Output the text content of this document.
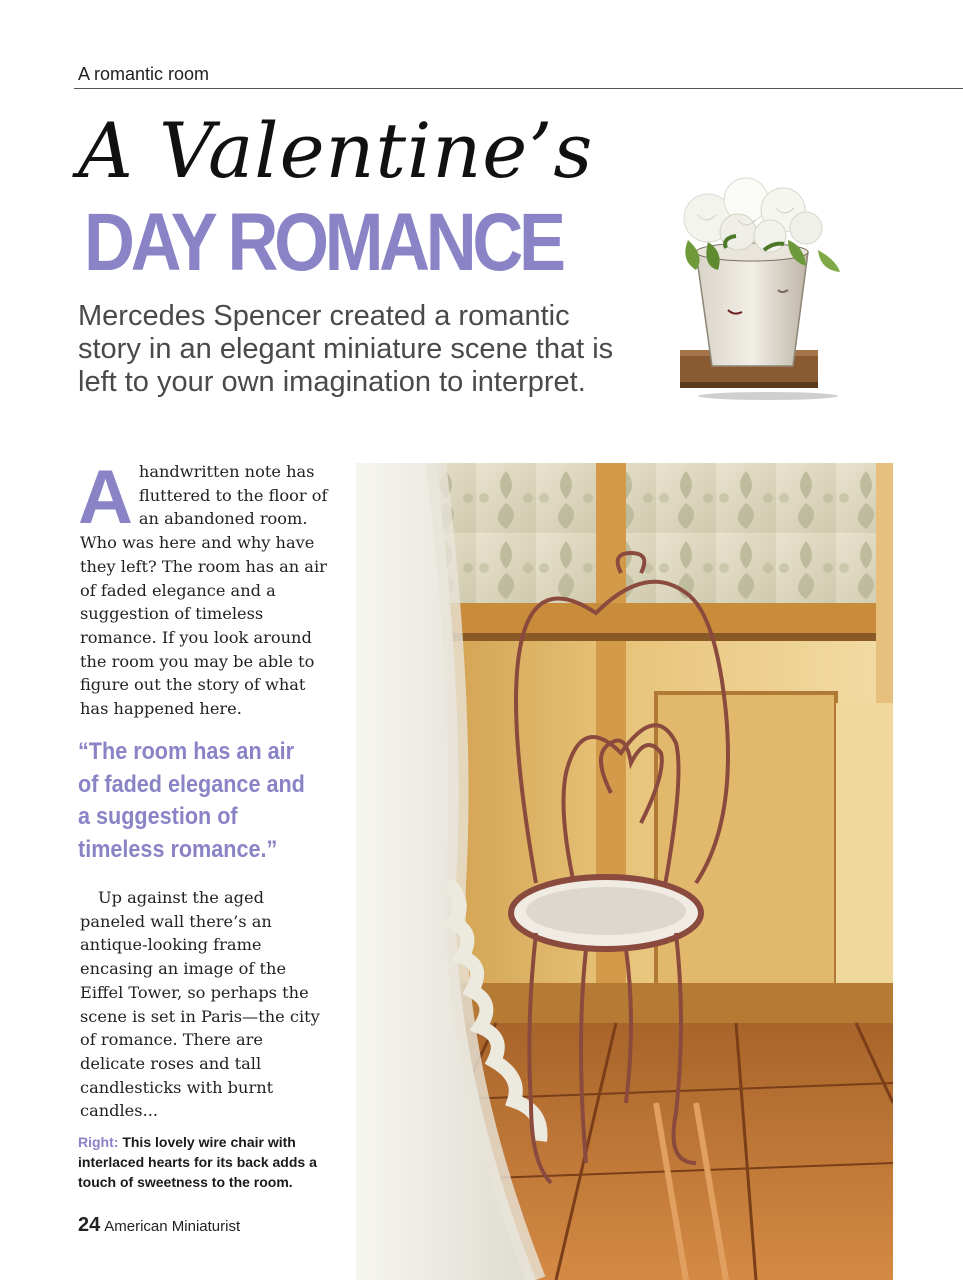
A romantic room
A Valentine’s
DAY ROMANCE
Mercedes Spencer created a romantic story in an elegant miniature scene that is left to your own imagination to interpret.
A handwritten note has fluttered to the floor of an abandoned room. Who was here and why have they left? The room has an air of faded elegance and a suggestion of timeless romance. If you look around the room you may be able to figure out the story of what has happened here.
“The room has an air of faded elegance and a suggestion of timeless romance.”
Up against the aged paneled wall there’s an antique-looking frame encasing an image of the Eiffel Tower, so perhaps the scene is set in Paris—the city of romance. There are delicate roses and tall candlesticks with burnt candles...
Right: This lovely wire chair with interlaced hearts for its back adds a touch of sweetness to the room.
24 American Miniaturist
